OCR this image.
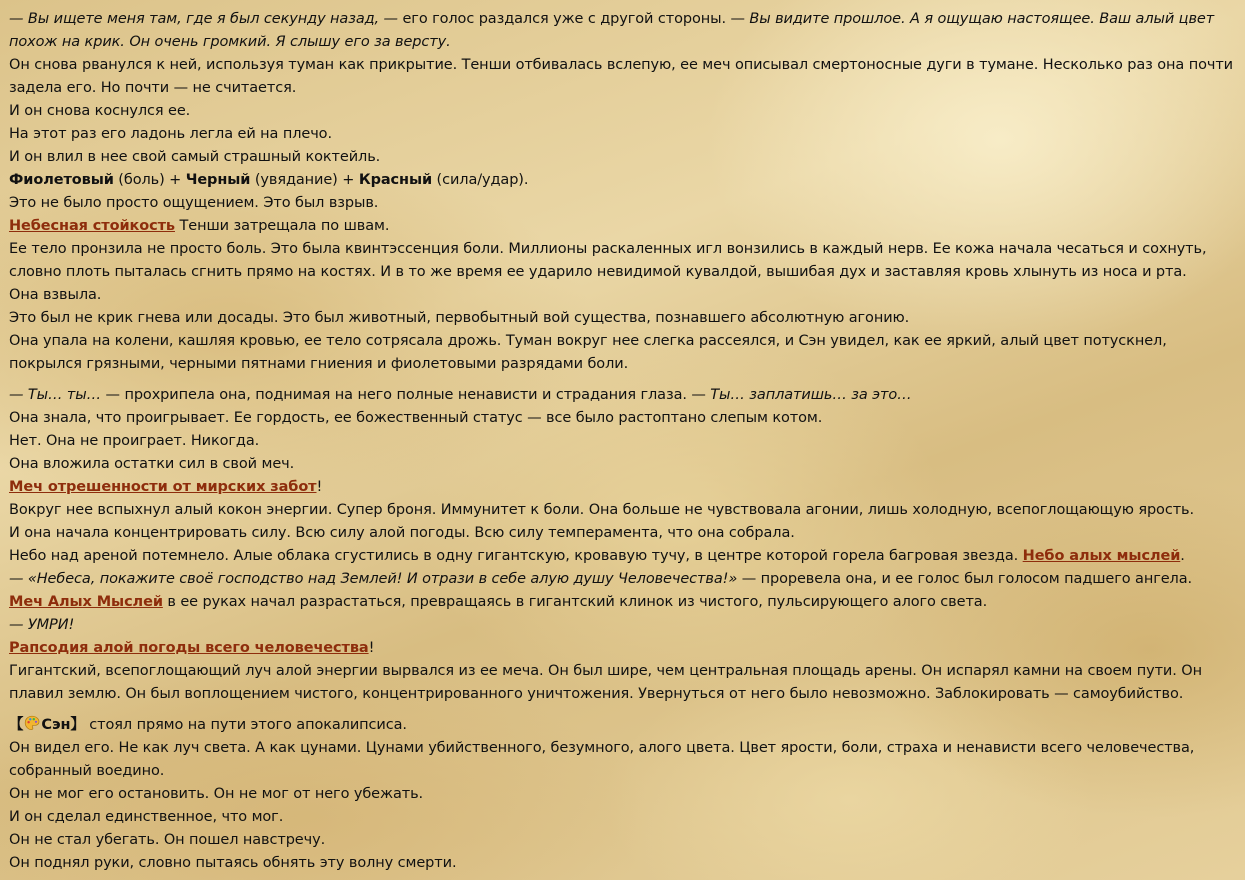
— Вы ищете меня там, где я был секунду назад, — его голос раздался уже с другой стороны. — Вы видите прошлое. А я ощущаю настоящее. Ваш алый цвет похож на крик. Он очень громкий. Я слышу его за версту.

Он снова рванулся к ней, используя туман как прикрытие. Тенши отбивалась вслепую, ее меч описывал смертоносные дуги в тумане. Несколько раз она почти задела его. Но почти — не считается.

И он снова коснулся ее.

На этот раз его ладонь легла ей на плечо.

И он влил в нее свой самый страшный коктейль.

Фиолетовый (боль) + Черный (увядание) + Красный (сила/удар).

Это не было просто ощущением. Это был взрыв.

Небесная стойкость Тенши затрещала по швам.

Ее тело пронзила не просто боль. Это была квинтэссенция боли. Миллионы раскаленных игл вонзились в каждый нерв. Ее кожа начала чесаться и сохнуть, словно плоть пыталась сгнить прямо на костях. И в то же время ее ударило невидимой кувалдой, вышибая дух и заставляя кровь хлынуть из носа и рта.

Она взвыла.

Это был не крик гнева или досады. Это был животный, первобытный вой существа, познавшего абсолютную агонию.

Она упала на колени, кашляя кровью, ее тело сотрясала дрожь. Туман вокруг нее слегка рассеялся, и Сэн увидел, как ее яркий, алый цвет потускнел, покрылся грязными, черными пятнами гниения и фиолетовыми разрядами боли.

— Ты… ты… — прохрипела она, поднимая на него полные ненависти и страдания глаза. — Ты… заплатишь… за это…

Она знала, что проигрывает. Ее гордость, ее божественный статус — все было растоптано слепым котом.

Нет. Она не проиграет. Никогда.

Она вложила остатки сил в свой меч.

Меч отрешенности от мирских забот!

Вокруг нее вспыхнул алый кокон энергии. Супер броня. Иммунитет к боли. Она больше не чувствовала агонии, лишь холодную, всепоглощающую ярость.

И она начала концентрировать силу. Всю силу алой погоды. Всю силу темперамента, что она собрала.

Небо над ареной потемнело. Алые облака сгустились в одну гигантскую, кровавую тучу, в центре которой горела багровая звезда. Небо алых мыслей.

— «Небеса, покажите своё господство над Землей! И отрази в себе алую душу Человечества!» — проревела она, и ее голос был голосом падшего ангела.

Меч Алых Мыслей в ее руках начал разрастаться, превращаясь в гигантский клинок из чистого, пульсирующего алого света.

— УМРИ!

Рапсодия алой погоды всего человечества!

Гигантский, всепоглощающий луч алой энергии вырвался из ее меча. Он был шире, чем центральная площадь арены. Он испарял камни на своем пути. Он плавил землю. Он был воплощением чистого, концентрированного уничтожения. Увернуться от него было невозможно. Заблокировать — самоубийство.

【 Сэн】 стоял прямо на пути этого апокалипсиса.

Он видел его. Не как луч света. А как цунами. Цунами убийственного, безумного, алого цвета. Цвет ярости, боли, страха и ненависти всего человечества, собранный воедино.

Он не мог его остановить. Он не мог от него убежать.

И он сделал единственное, что мог.

Он не стал убегать. Он пошел навстречу.

Он поднял руки, словно пытаясь обнять эту волну смерти.
